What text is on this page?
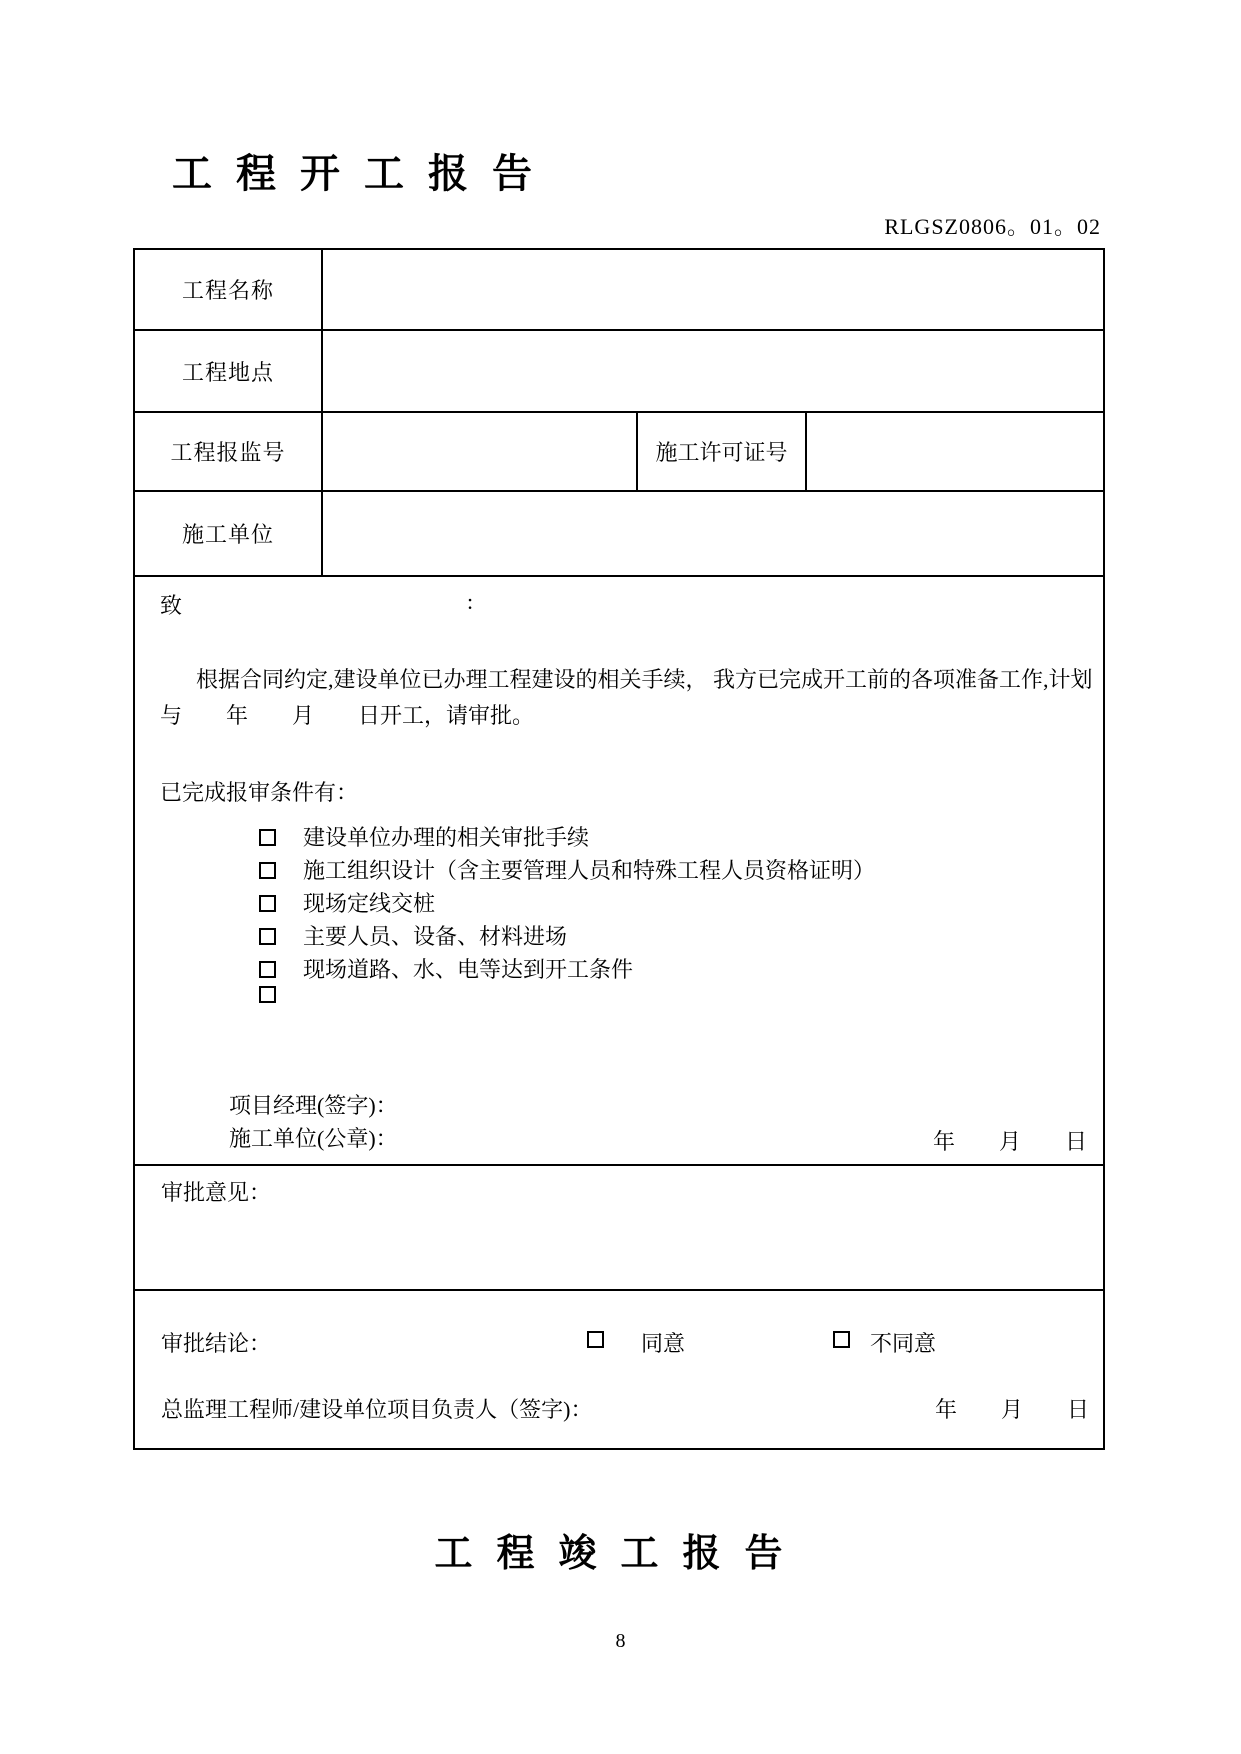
工程开工报告
RLGSZ0806。01。02
工程名称
工程地点
工程报监号	施工许可证号
施工单位
致	:
根据合同约定,建设单位已办理工程建设的相关手续， 我方已完成开工前的各项准备工作,计划
与　　年　　月　　日开工，请审批。
已完成报审条件有：
建设单位办理的相关审批手续
施工组织设计（含主要管理人员和特殊工程人员资格证明）
现场定线交桩
主要人员、设备、材料进场
现场道路、水、电等达到开工条件
项目经理(签字)：
施工单位(公章)：	年　　月　　日
审批意见：
审批结论：	同意	不同意
总监理工程师/建设单位项目负责人（签字)：	年　　月　　日
工程竣工报告
8
